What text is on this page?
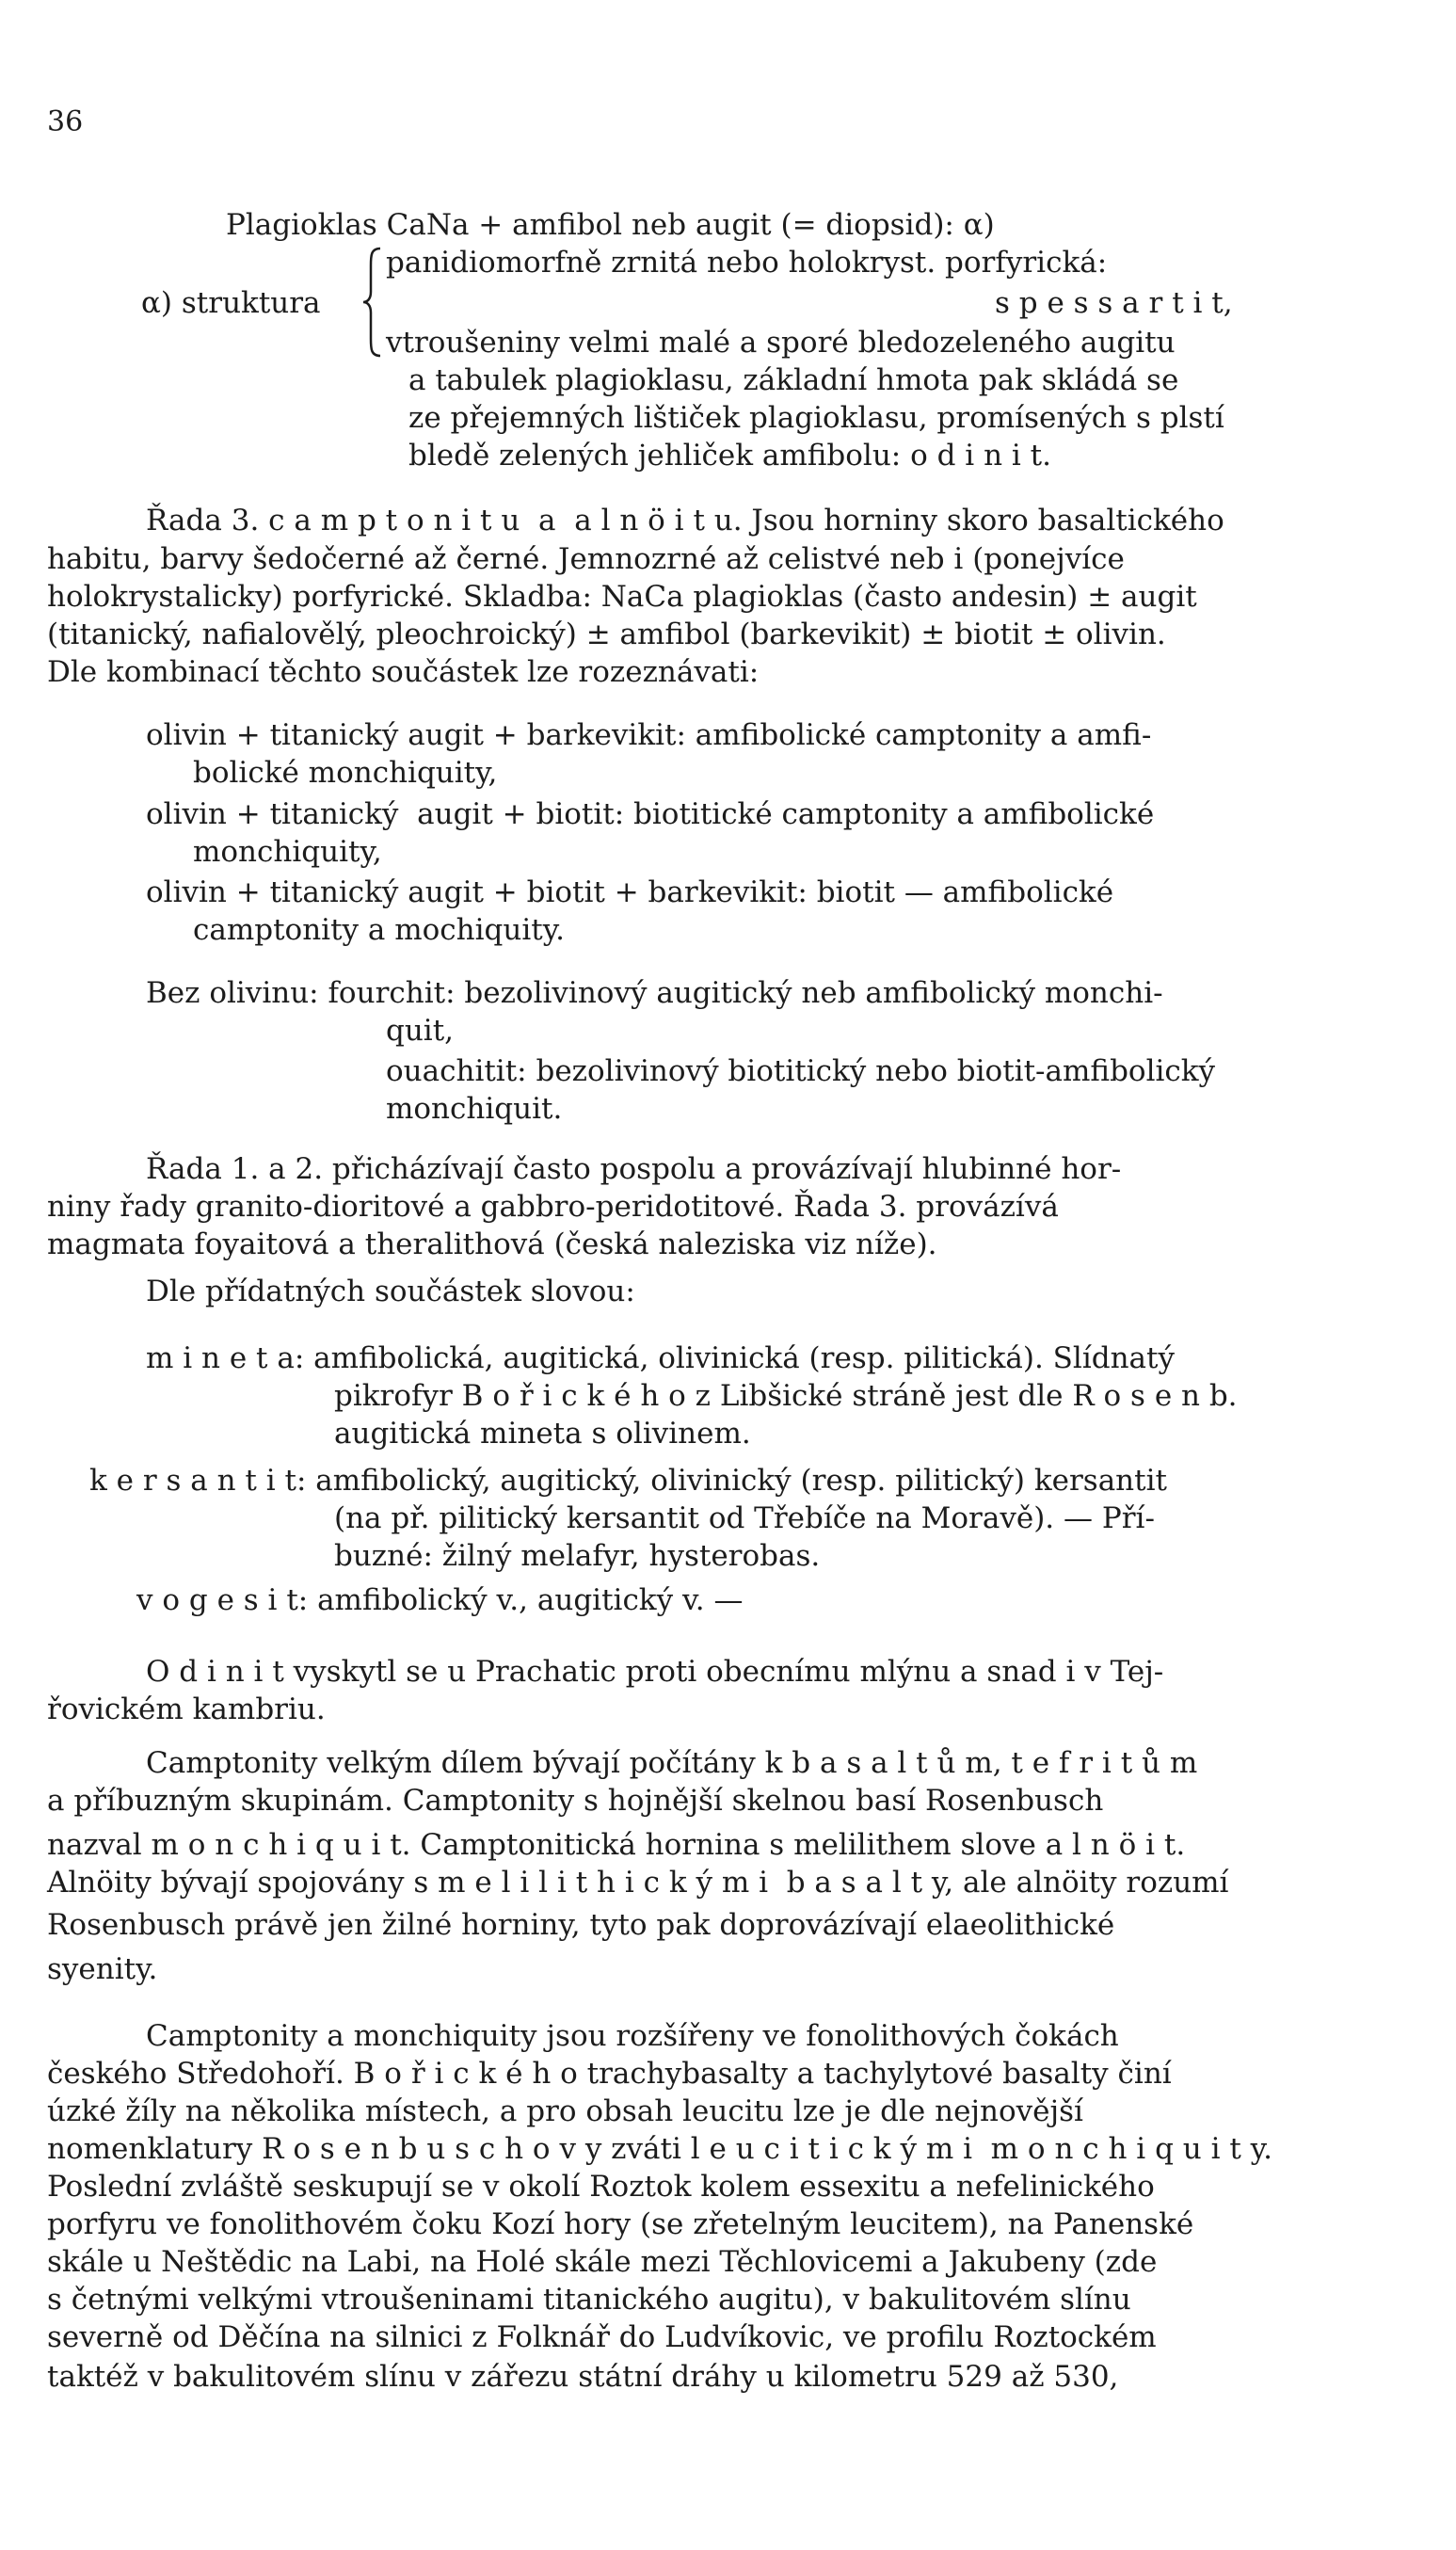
36
Plagioklas CaNa + amfibol neb augit (= diopsid): α)
panidiomorfně zrnitá nebo holokryst. porfyrická:
α) struktura	s p e s s a r t i t,
vtroušeniny velmi malé a sporé bledozeleného augitu
a tabulek plagioklasu, základní hmota pak skládá se
ze přejemných lištiček plagioklasu, promísených s plstí
bledě zelených jehliček amfibolu: o d i n i t.
Řada 3. c a m p t o n i t u  a  a l n ö i t u. Jsou horniny skoro basaltického
habitu, barvy šedočerné až černé. Jemnozrné až celistvé neb i (ponejvíce
holokrystalicky) porfyrické. Skladba: NaCa plagioklas (často andesin) ± augit
(titanický, nafialovělý, pleochroický) ± amfibol (barkevikit) ± biotit ± olivin.
Dle kombinací těchto součástek lze rozeznávati:
olivin + titanický augit + barkevikit: amfibolické camptonity a amfi-
bolické monchiquity,
olivin + titanický  augit + biotit: biotitické camptonity a amfibolické
monchiquity,
olivin + titanický augit + biotit + barkevikit: biotit — amfibolické
camptonity a mochiquity.
Bez olivinu: fourchit: bezolivinový augitický neb amfibolický monchi-
quit,
ouachitit: bezolivinový biotitický nebo biotit-amfibolický
monchiquit.
Řada 1. a 2. přicházívají často pospolu a provázívají hlubinné hor-
niny řady granito-dioritové a gabbro-peridotitové. Řada 3. provázívá
magmata foyaitová a theralithová (česká naleziska viz níže).
Dle přídatných součástek slovou:
m i n e t a: amfibolická, augitická, olivinická (resp. pilitická). Slídnatý
pikrofyr B o ř i c k é h o z Libšické stráně jest dle R o s e n b.
augitická mineta s olivinem.
k e r s a n t i t: amfibolický, augitický, olivinický (resp. pilitický) kersantit
(na př. pilitický kersantit od Třebíče na Moravě). — Pří-
buzné: žilný melafyr, hysterobas.
v o g e s i t: amfibolický v., augitický v. —
O d i n i t vyskytl se u Prachatic proti obecnímu mlýnu a snad i v Tej-
řovickém kambriu.
Camptonity velkým dílem bývají počítány k b a s a l t ů m, t e f r i t ů m
a příbuzným skupinám. Camptonity s hojnější skelnou basí Rosenbusch
nazval m o n c h i q u i t. Camptonitická hornina s melilithem slove a l n ö i t.
Alnöity bývají spojovány s m e l i l i t h i c k ý m i  b a s a l t y, ale alnöity rozumí
Rosenbusch právě jen žilné horniny, tyto pak doprovázívají elaeolithické
syenity.
Camptonity a monchiquity jsou rozšířeny ve fonolithových čokách
českého Středohoří. B o ř i c k é h o trachybasalty a tachylytové basalty činí
úzké žíly na několika místech, a pro obsah leucitu lze je dle nejnovější
nomenklatury R o s e n b u s c h o v y zváti l e u c i t i c k ý m i  m o n c h i q u i t y.
Poslední zvláště seskupují se v okolí Roztok kolem essexitu a nefelinického
porfyru ve fonolithovém čoku Kozí hory (se zřetelným leucitem), na Panenské
skále u Neštědic na Labi, na Holé skále mezi Těchlovicemi a Jakubeny (zde
s četnými velkými vtroušeninami titanického augitu), v bakulitovém slínu
severně od Děčína na silnici z Folknář do Ludvíkovic, ve profilu Roztockém
taktéž v bakulitovém slínu v zářezu státní dráhy u kilometru 529 až 530,
